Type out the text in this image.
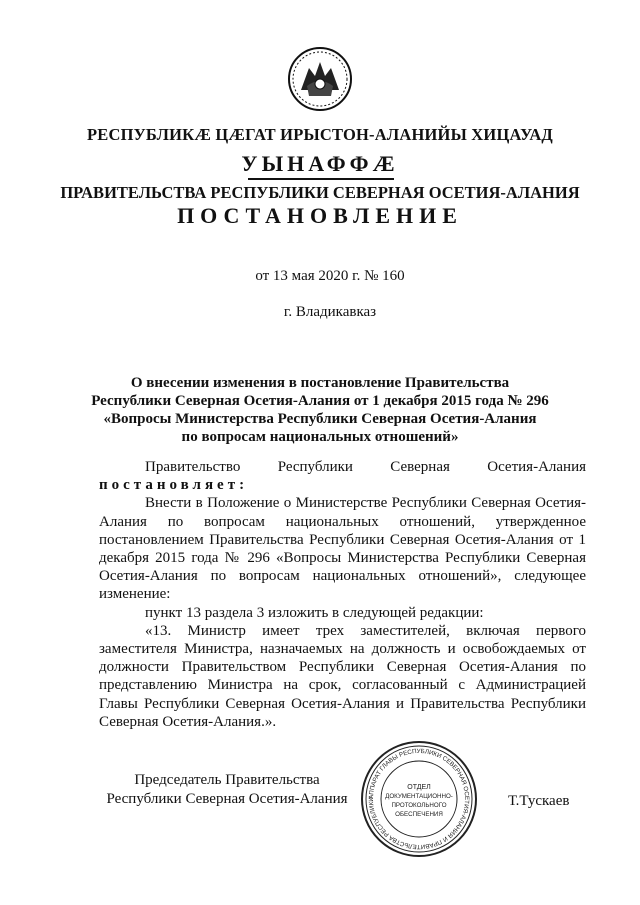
РЕСПУБЛИКӔ ЦӔГАТ ИРЫСТОН-АЛАНИЙЫ ХИЦАУАД
УЫНАФФӔ
ПРАВИТЕЛЬСТВА РЕСПУБЛИКИ СЕВЕРНАЯ ОСЕТИЯ-АЛАНИЯ
ПОСТАНОВЛЕНИЕ
от 13 мая 2020 г. № 160
г. Владикавказ
О внесении изменения в постановление Правительства
Республики Северная Осетия-Алания от 1 декабря 2015 года № 296
«Вопросы Министерства Республики Северная Осетия-Алания
по вопросам национальных отношений»

Правительство Республики Северная Осетия-Алания

постановляет:

Внести в Положение о Министерстве Республики Северная Осетия-Алания по вопросам национальных отношений, утвержденное постановлением Правительства Республики Северная Осетия-Алания от 1 декабря 2015 года № 296 «Вопросы Министерства Республики Северная Осетия-Алания по вопросам национальных отношений», следующее изменение:

пункт 13 раздела 3 изложить в следующей редакции:

«13. Министр имеет трех заместителей, включая первого заместителя Министра, назначаемых на должность и освобождаемых от должности Правительством Республики Северная Осетия-Алания по представлению Министра на срок, согласованный с Администрацией Главы Республики Северная Осетия-Алания и Правительства Республики Северная Осетия-Алания.».

Председатель Правительства
Республики Северная Осетия-Алания	АППАРАТ ГЛАВЫ РЕСПУБЛИКИ СЕВЕРНАЯ ОСЕТИЯ-АЛАНИЯ И ПРАВИТЕЛЬСТВА РЕСПУБЛИКИ
ОТДЕЛ
ДОКУМЕНТАЦИОННО-
ПРОТОКОЛЬНОГО
ОБЕСПЕЧЕНИЯ
Т.Тускаев
